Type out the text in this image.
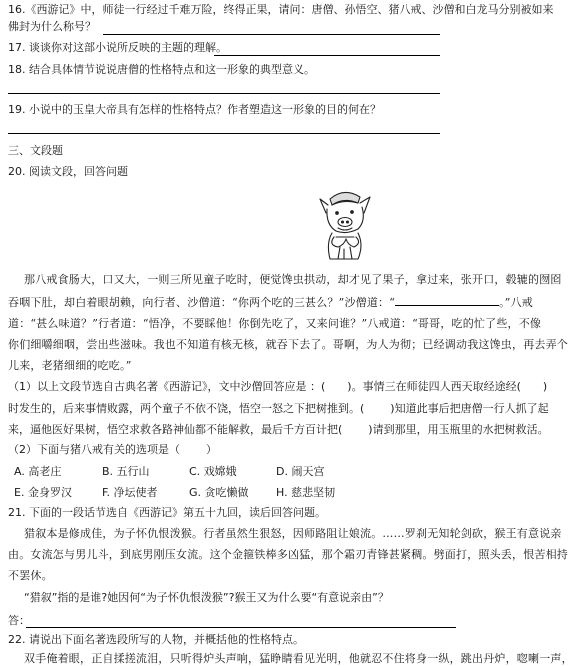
16.《西游记》中，师徒一行经过千难万险，终得正果，请问：唐僧、孙悟空、猪八戒、沙僧和白龙马分别被如来
佛封为什么称号？
17. 谈谈你对这部小说所反映的主题的理解。
18. 结合具体情节说说唐僧的性格特点和这一形象的典型意义。
19. 小说中的玉皇大帝具有怎样的性格特点？作者塑造这一形象的目的何在？
三、文段题
20. 阅读文段，回答问题
那八戒食肠大，口又大，一则三所见童子吃时，便觉馋虫拱动，却才见了果子，拿过来，张开口，毂辘的囫囵
吞咽下肚，却白着眼胡赖，向行者、沙僧道：“你两个吃的三甚么？”沙僧道：“	。”八戒
道：“甚么味道？”行者道：“悟净，不要睬他！你倒先吃了，又来问谁？”八戒道：“哥哥，吃的忙了些，不像
你们细嚼细咽，尝出些滋味。我也不知道有核无核，就吞下去了。哥啊，为人为彻；已经调动我这馋虫，再去弄个
儿来，老猪细细的吃吃。”
（1）以上文段节选自古典名著《西游记》，文中沙僧回答应是 ：( )。事情三在师徒四人西天取经途经( )
时发生的，后来事情败露，两个童子不依不饶，悟空一怒之下把树推到。( )知道此事后把唐僧一行人抓了起
来，逼他医好果树，悟空求救各路神仙都不能解救，最后千方百计把( )请到那里，用玉瓶里的水把树救活。
（2）下面与猪八戒有关的选项是（ ）
A. 高老庄	B. 五行山	C. 戏嫦娥	D. 闹天宫
E. 金身罗汉	F. 净坛使者	G. 贪吃懒做 H. 慈悲坚韧
21. 下面的一段话节选自《西游记》第五十九回，读后回答问题。
猎叙本是修成佳，为子怀仇恨泼猴。行者虽然生狠怒，因师路阻让娘流。……罗刹无知轮剑砍，猴王有意说亲
由。女流怎与男儿斗，到底男刚压女流。这个金箍铁棒多凶猛，那个霜刃青锋甚紧稠。劈面打，照头丢，恨苦相持
不罢休。
“猎叙”指的是谁?她因何“为子怀仇恨泼猴”?猴王又为什么要“有意说亲由”？
答：
22. 请说出下面名著选段所写的人物，并概括他的性格特点。
双手俺着眼，正自揉搓流泪，只听得炉头声响，猛睁睛看见光明，他就忍不住将身一纵，跳出丹炉，唿喇一声，
